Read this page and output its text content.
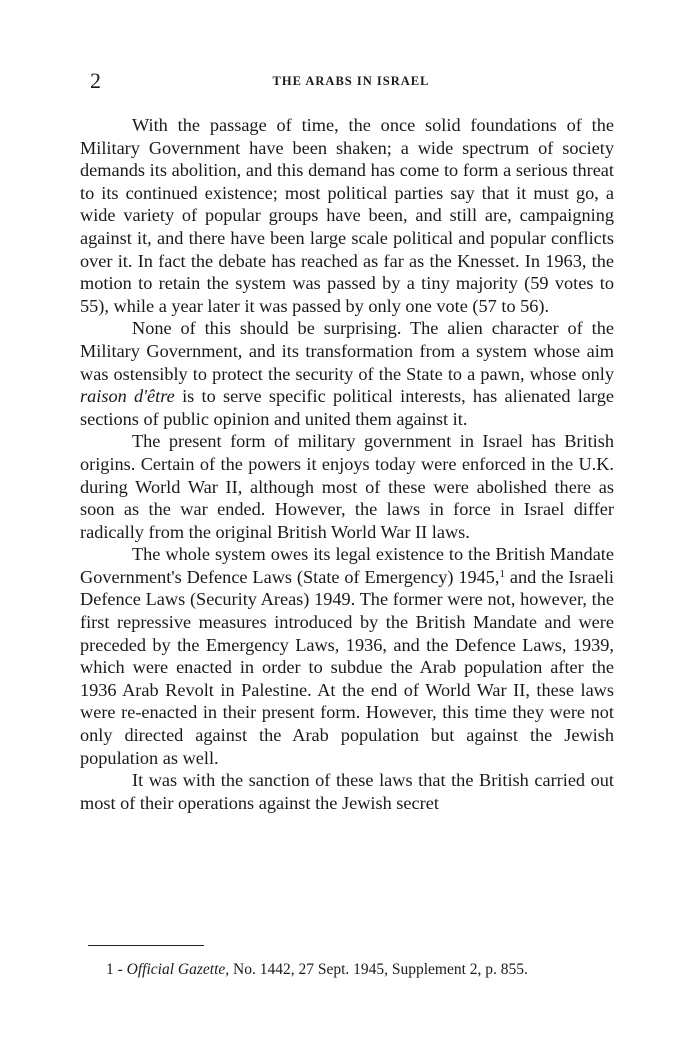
2	THE ARABS IN ISRAEL

With the passage of time, the once solid foundations of the Military Government have been shaken; a wide spectrum of society demands its abolition, and this demand has come to form a serious threat to its continued existence; most political parties say that it must go, a wide variety of popular groups have been, and still are, campaigning against it, and there have been large scale political and popular conflicts over it. In fact the debate has reached as far as the Knesset. In 1963, the motion to retain the system was passed by a tiny majority (59 votes to 55), while a year later it was passed by only one vote (57 to 56).

None of this should be surprising. The alien character of the Military Government, and its transformation from a system whose aim was ostensibly to protect the security of the State to a pawn, whose only raison d'être is to serve specific political interests, has alienated large sections of public opinion and united them against it.

The present form of military government in Israel has British origins. Certain of the powers it enjoys today were enforced in the U.K. during World War II, although most of these were abolished there as soon as the war ended. However, the laws in force in Israel differ radically from the original British World War II laws.

The whole system owes its legal existence to the British Mandate Government's Defence Laws (State of Emergency) 1945,$^1$ and the Israeli Defence Laws (Security Areas) 1949. The former were not, however, the first repressive measures introduced by the British Mandate and were preceded by the Emergency Laws, 1936, and the Defence Laws, 1939, which were enacted in order to subdue the Arab population after the 1936 Arab Revolt in Palestine. At the end of World War II, these laws were re-enacted in their present form. However, this time they were not only directed against the Arab population but against the Jewish population as well.

It was with the sanction of these laws that the British carried out most of their operations against the Jewish secret

1 - Official Gazette, No. 1442, 27 Sept. 1945, Supplement 2, p. 855.
